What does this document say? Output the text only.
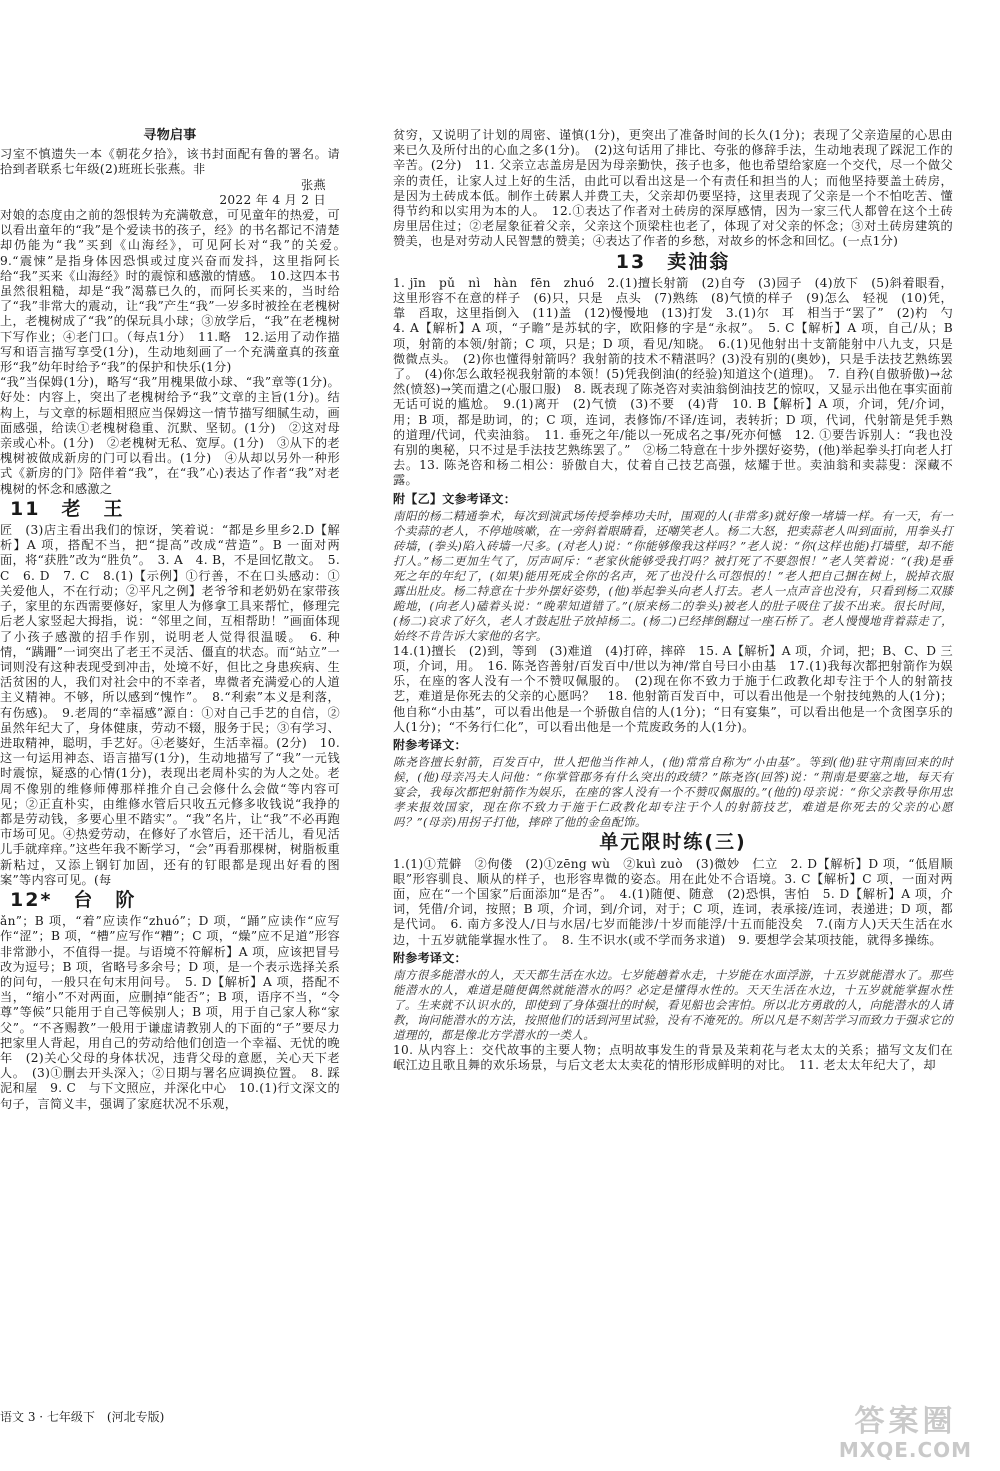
寻物启事

习室不慎遗失一本《朝花夕拾》，该书封面配有鲁的署名。请拾到者联系七年级(2)班班长张燕。非

张燕

2022 年 4 月 2 日

对娘的态度由之前的怨恨转为充满敬意，可见童年的热爱，可以看出童年的“我”是个爱读书的孩子，经》的书名都记不清楚却仍能为“我”买到《山海经》，可见阿长对“我”的关爱。　9.“震悚”是指身体因恐惧或过度兴奋而发抖，这里指阿长给“我”买来《山海经》时的震惊和感激的情感。　10.这四本书虽然很粗糙，却是“我”渴慕已久的，而阿长买来的，当时给了“我”非常大的震动，让“我”产生“我”一岁多时被拴在老槐树上，老槐树成了“我”的保玩具小球；③放学后，“我”在老槐树下写作业；④老门口。（每点1分）　11.略　12.运用了动作描写和语言描写享受(1分)，生动地刻画了一个充满童真的孩童形“我”幼年时给予“我”的保护和快乐(1分)

“我”当保姆(1分)，略写“我”用槐果做小球、“我”章等(1分)。好处：内容上，突出了老槐树给予“我”文章的主旨(1分)。结构上，与文章的标题相照应当保姆这一情节描写细腻生动，画面感强，给读①老槐树稳重、沉默、坚韧。(1分)　②这对母亲或心朴。(1分)　②老槐树无私、宽厚。(1分)　③从下的老槐树被做成新房的门可以看出。(1分)　④从却以另外一种形式《新房的门》陪伴着“我”，在“我”心)表达了作者“我”对老槐树的怀念和感激之

11　老　王

匠　(3)店主看出我们的惊讶，笑着说：“都是乡里乡2.D【解析】A 项，搭配不当，把“提高”改成“营造”。B 一面对两面，将“获胜”改为“胜负”。　3. A　4. B，不是回忆散文。　5. C　6. D　7. C　8.(1)【示例】①行善，不在口头感动：①关爱他人，不在行动；②平凡之例】老爷爷和老奶奶在家带孩子，家里的东西需要修好，家里人为修拿工具来帮忙，修理完后老人家竖起大拇指，说：“邻里之间，互相帮助！”画面体现了小孩子感激的招手作别，说明老人觉得很温暖。　6. 种情，“蹒跚”一词突出了老王不灵活、僵直的状态。而“站立”一词则没有这种表现受到冲击，处境不好，但比之身患疾病、生活贫困的人，我们对社会中的不幸者，卑微者充满爱心的人道主义精神。不够，所以感到“愧怍”。　8.“利索”本义是利落，有伤感)。　9.老周的“幸福感”源自：①对自己手艺的自信，②虽然年纪大了，身体健康，劳动不辍，服务于民；③有学习、进取精神，聪明，手艺好。④老婆好，生活幸福。(2分)　10.这一句运用神态、语言描写(1分)，生动地描写了“我”一元钱时震惊，疑惑的心情(1分)，表现出老周朴实的为人之处。老周不像别的维修师傅那样推介自己会修什么会做“等内容可见；②正直朴实，由维修水管后只收五元修多收钱说“我挣的都是劳动钱，多要心里不踏实”。“我”名片，让“我”不必再跑市场可见。④热爱劳动，在修好了水管后，还干活儿，看见活儿手就痒痒。”这些年我不断学习，“会”再看那棵树，树脂板重新粘过，又添上钢钉加固，还有的钉眼都是现出好看的图案”等内容可见。(每

12*　台　阶

ǎn”；B 项，“着”应读作“zhuó”；D 项，“踊”应读作“应写作“涩”；B 项，“槽”应写作“糟”；C 项，“燥”应不足道”形容非常渺小，不值得一提。与语境不符解析】A 项，应该把冒号改为逗号；B 项，省略号多余号；D 项，是一个表示选择关系的问句，一般只在句末用问号。　5. D【解析】A 项，搭配不当，“缩小”不对两面，应删掉“能否”；B 项，语序不当，“令尊”等候”只能用于自己等候别人；B 项，用于自己家人称“家父”。“不吝赐教”一般用于谦虚请教别人的下面的“子”要尽力把家里人背起，用自己的劳动给他们创造一个幸福、无忧的晚年　(2)关心父母的身体状况，违背父母的意愿，关心天下老人。　(3)①删去开头深入；②日期与署名应调换位置。　8. 踩泥和屋　9. C　与下文照应，并深化中心　10.(1)行文深文的句子，言简义丰，强调了家庭状况不乐观，

贫穷，又说明了计划的周密、谨慎(1分)，更突出了准备时间的长久(1分)；表现了父亲造屋的心思由来已久及所付出的心血之多(1分)。　(2)这句话用了排比、夸张的修辞手法，生动地表现了踩泥工作的辛苦。(2分)　11. 父亲立志盖房是因为母亲勤快，孩子也多，他也希望给家庭一个交代，尽一个做父亲的责任，让家人过上好的生活，由此可以看出这是一个有责任和担当的人；而他坚持要盖土砖房，是因为土砖成本低。制作土砖累人并费工夫，父亲却仍要坚持，这里表现了父亲是一个不怕吃苦、懂得节约和以实用为本的人。　12.①表达了作者对土砖房的深厚感情，因为一家三代人都曾在这个土砖房里居住过；②老屋象征着父亲，父亲这个顶梁柱也老了，体现了对父亲的怀念；③对土砖房建筑的赞美，也是对劳动人民智慧的赞美；④表达了作者的乡愁，对故乡的怀念和回忆。(一点1分)

13　卖油翁

1. jīn　pǔ　nì　hàn　fēn　zhuó　2.(1)擅长射箭　(2)自夸　(3)园子　(4)放下　(5)斜着眼看，这里形容不在意的样子　(6)只，只是　点头　(7)熟练　(8)气愤的样子　(9)怎么　轻视　(10)凭，靠　舀取，这里指倒入　(11)盖　(12)慢慢地　(13)打发　3.(1)尔　耳　相当于“罢了”　(2)杓　勺　4. A【解析】A 项，“子瞻”是苏轼的字，欧阳修的字是“永叔”。　5. C【解析】A 项，自己/从；B 项，射箭的本领/射箭；C 项，只是；D 项，看见/知晓。　6.(1)见他射出十支箭能射中八九支，只是微微点头。　(2)你也懂得射箭吗？我射箭的技术不精湛吗？(3)没有别的(奥妙)，只是手法技艺熟练罢了。　(4)你怎么敢轻视我射箭的本领！(5)凭我倒油(的经验)知道这个(道理)。　7. 自矜(自傲骄傲)→忿然(愤怒)→笑而遣之(心服口服)　8. 既表现了陈尧咨对卖油翁倒油技艺的惊叹，又显示出他在事实面前无话可说的尴尬。　9.(1)离开　(2)气愤　(3)不要　(4)背　10. B【解析】A 项，介词，凭/介词，用；B 项，都是助词，的；C 项，连词，表修饰/不译/连词，表转折；D 项，代词，代射箭是凭手熟的道理/代词，代卖油翁。　11. 垂死之年/能以一死成名之事/死亦何憾　12. ①要告诉别人：“我也没有别的奥秘，只不过是手法技艺熟练罢了。”　②杨二特意在十步外摆好姿势，(他)举起拳头打向老人打去。13. 陈尧咨和杨二相公：骄傲自大，仗着自己技艺高强，炫耀于世。卖油翁和卖蒜叟：深藏不露。

附【乙】文参考译文：

南阳的杨二精通拳术，每次到演武场传授拳棒功夫时，围观的人(非常多)就好像一堵墙一样。有一天，有一个卖蒜的老人，不停地咳嗽，在一旁斜着眼睛看，还嘲笑老人。杨二大怒，把卖蒜老人叫到面前，用拳头打砖墙，(拳头)陷入砖墙一尺多。(对老人)说：“你能够像我这样吗？”老人说：“你(这样也能)打墙壁，却不能打人。”杨二更加生气了，厉声呵斥：“老家伙能够受我打吗？被打死了不要怨恨！”老人笑着说：“(我)是垂死之年的年纪了，(如果)能用死成全你的名声，死了也没什么可怨恨的！”老人把自己捆在树上，脱掉衣服露出肚皮。杨二特意在十步外摆好姿势，(他)举起拳头向老人打去。老人一点声音也没有，只看到杨二双膝跪地，(向老人)磕着头说：“晚辈知道错了。”(原来杨二的拳头)被老人的肚子吸住了拔不出来。很长时间，(杨二)哀求了好久，老人才鼓起肚子放掉杨二。(杨二)已经摔倒翻过一座石桥了。老人慢慢地背着蒜走了，始终不肯告诉大家他的名字。

14.(1)擅长　(2)到，等到　(3)难道　(4)打碎，摔碎　15. A【解析】A 项，介词，把；B、C、D 三项，介词，用。　16. 陈尧咨善射/百发百中/世以为神/常自号曰小由基　17.(1)我每次都把射箭作为娱乐，在座的客人没有一个不赞叹佩服的。　(2)现在你不致力于施于仁政教化却专注于个人的射箭技艺，难道是你死去的父亲的心愿吗？　18. 他射箭百发百中，可以看出他是一个射技纯熟的人(1分)；他自称“小由基”，可以看出他是一个骄傲自信的人(1分)；“日有宴集”，可以看出他是一个贪图享乐的人(1分)；“不务行仁化”，可以看出他是一个荒废政务的人(1分)。

附参考译文：

陈尧咨擅长射箭，百发百中，世人把他当作神人，(他)常常自称为“小由基”。等到(他)驻守荆南回来的时候，(他)母亲冯夫人问他：“你掌管郡务有什么突出的政绩？”陈尧咨(回答)说：“荆南是要塞之地，每天有宴会，我每次都把射箭作为娱乐，在座的客人没有一个不赞叹佩服的。”(他的)母亲说：“你父亲教导你用忠孝来报效国家，现在你不致力于施于仁政教化却专注于个人的射箭技艺，难道是你死去的父亲的心愿吗？”(母亲)用拐子打他，摔碎了他的金鱼配饰。

单元限时练(三)

1.(1)①荒僻　②佝偻　(2)①zēng wù　②kuì zuò　(3)微妙　仁立　2. D【解析】D 项，“低眉顺眼”形容驯良、顺从的样子，也形容卑微的姿态。用在此处不合语境。3. C【解析】C 项，一面对两面，应在“一个国家”后面添加“是否”。　4.(1)随便、随意　(2)恐惧，害怕　5. D【解析】A 项，介词，凭借/介词，按照；B 项，介词，到/介词，对于；C 项，连词，表承接/连词，表递进；D 项，都是代词。　6. 南方多没人/日与水居/七岁而能涉/十岁而能浮/十五而能没矣　7.(南方人)天天生活在水边，十五岁就能掌握水性了。　8. 生不识水(或不学而务求道)　9. 要想学会某项技能，就得多操练。

附参考译文：

南方很多能潜水的人，天天都生活在水边。七岁能趟着水走，十岁能在水面浮游，十五岁就能潜水了。那些能潜水的人，难道是随便偶然就能潜水的吗？必定是懂得水性的。天天生活在水边，十五岁就能掌握水性了。生来就不认识水的，即使到了身体强壮的时候，看见船也会害怕。所以北方勇敢的人，向能潜水的人请教，询问能潜水的方法，按照他们的话到河里试验，没有不淹死的。所以凡是不刻苦学习而致力于强求它的道理的，都是像北方学潜水的一类人。

10. 从内容上：交代故事的主要人物；点明故事发生的背景及茉莉花与老太太的关系；描写文友们在岷江边且歌且舞的欢乐场景，与后文老太太卖花的情形形成鲜明的对比。　11. 老太太年纪大了，却

语文 3 · 七年级下　(河北专版)	答案圈
MXQE.COM
